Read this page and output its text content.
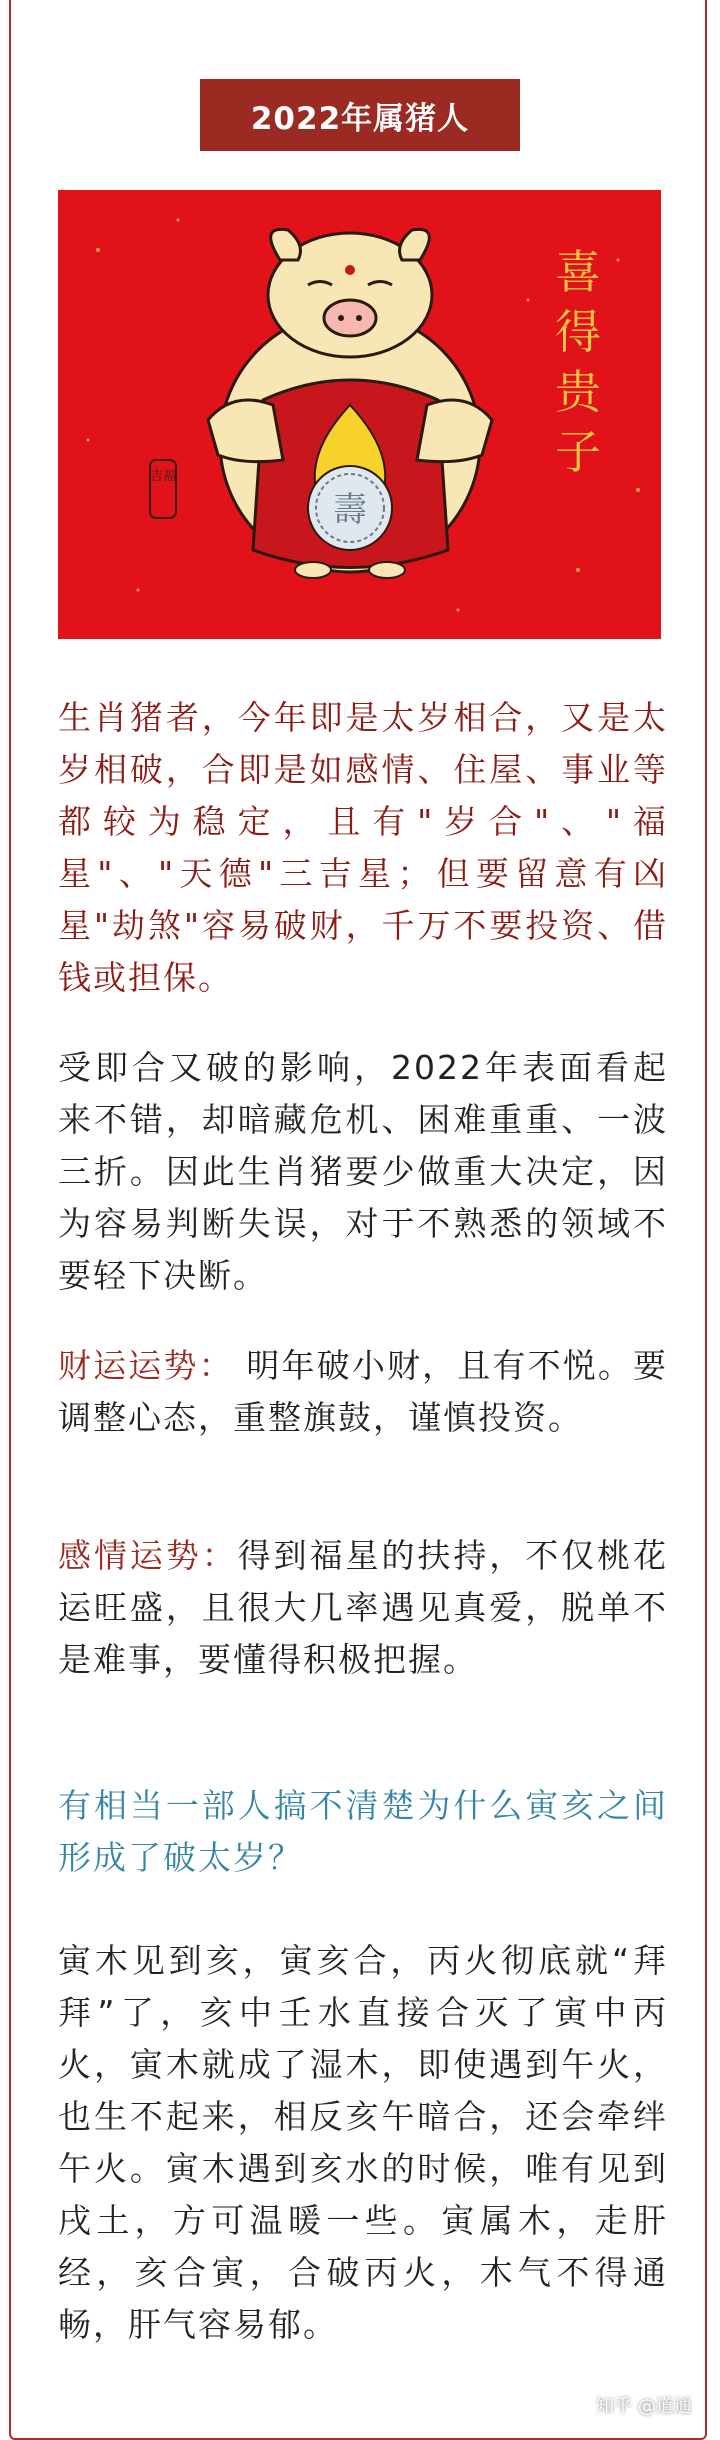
2022年属猪人
壽
吉福
喜
得
贵
子

生肖猪者，今年即是太岁相合，又是太岁相破，合即是如感情、住屋、事业等都较为稳定，且有"岁合"、"福星"、"天德"三吉星；但要留意有凶星"劫煞"容易破财，千万不要投资、借钱或担保。

受即合又破的影响，2022年表面看起来不错，却暗藏危机、困难重重、一波三折。因此生肖猪要少做重大决定，因为容易判断失误，对于不熟悉的领域不要轻下决断。

财运运势： 明年破小财，且有不悦。要调整心态，重整旗鼓，谨慎投资。

感情运势：得到福星的扶持，不仅桃花运旺盛，且很大几率遇见真爱，脱单不是难事，要懂得积极把握。

有相当一部人搞不清楚为什么寅亥之间形成了破太岁？

寅木见到亥，寅亥合，丙火彻底就“拜拜”了，亥中壬水直接合灭了寅中丙火，寅木就成了湿木，即使遇到午火，也生不起来，相反亥午暗合，还会牵绊午火。寅木遇到亥水的时候，唯有见到戌土，方可温暖一些。寅属木，走肝经，亥合寅，合破丙火，木气不得通畅，肝气容易郁。

知乎 @道通
